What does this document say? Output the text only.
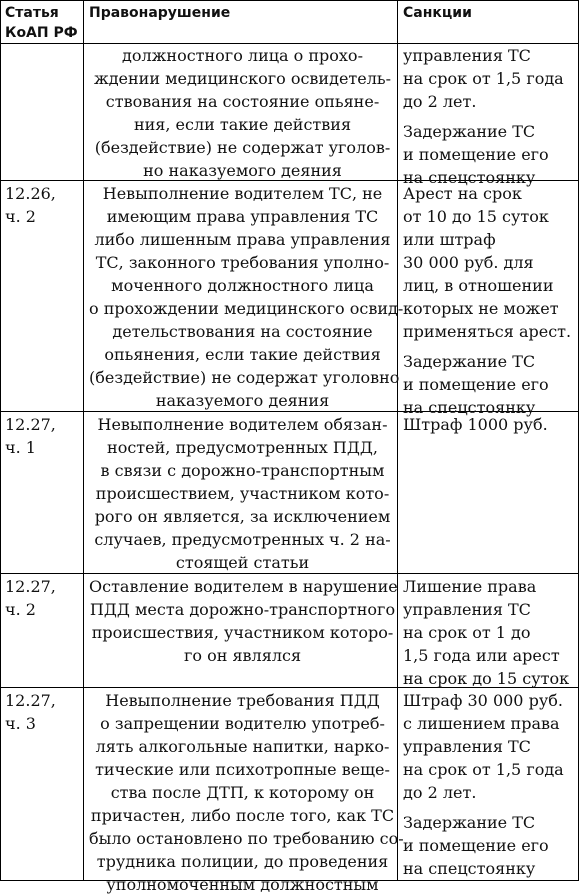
Статья
КоАП РФ
Правонарушение	Санкции
должностного лица о прохо-
ждении медицинского освидетель-
ствования на состояние опьяне-
ния, если такие действия
(бездействие) не содержат уголов-
но наказуемого деяния
управления ТС
на срок от 1,5 года
до 2 лет.
Задержание ТС
и помещение его
на спецстоянку
12.26,
ч. 2
Невыполнение водителем ТС, не
имеющим права управления ТС
либо лишенным права управления
ТС, законного требования уполно-
моченного должностного лица
о прохождении медицинского освид-
детельствования на состояние
опьянения, если такие действия
(бездействие) не содержат уголовно
наказуемого деяния
Арест на срок
от 10 до 15 суток
или штраф
30 000 руб. для
лиц, в отношении
которых не может
применяться арест.
Задержание ТС
и помещение его
на спецстоянку
12.27,
ч. 1
Невыполнение водителем обязан-
ностей, предусмотренных ПДД,
в связи с дорожно-транспортным
происшествием, участником кото-
рого он является, за исключением
случаев, предусмотренных ч. 2 на-
стоящей статьи
Штраф 1000 руб.
12.27,
ч. 2
Оставление водителем в нарушение
ПДД места дорожно-транспортного
происшествия, участником которо-
го он являлся
Лишение права
управления ТС
на срок от 1 до
1,5 года или арест
на срок до 15 суток
12.27,
ч. 3
Невыполнение требования ПДД
о запрещении водителю употреб-
лять алкогольные напитки, нарко-
тические или психотропные веще-
ства после ДТП, к которому он
причастен, либо после того, как ТС
было остановлено по требованию со-
трудника полиции, до проведения
Штраф 30 000 руб.
с лишением права
управления ТС
на срок от 1,5 года
до 2 лет.
Задержание ТС
и помещение его
на спецстоянку
уполномоченным должностным
